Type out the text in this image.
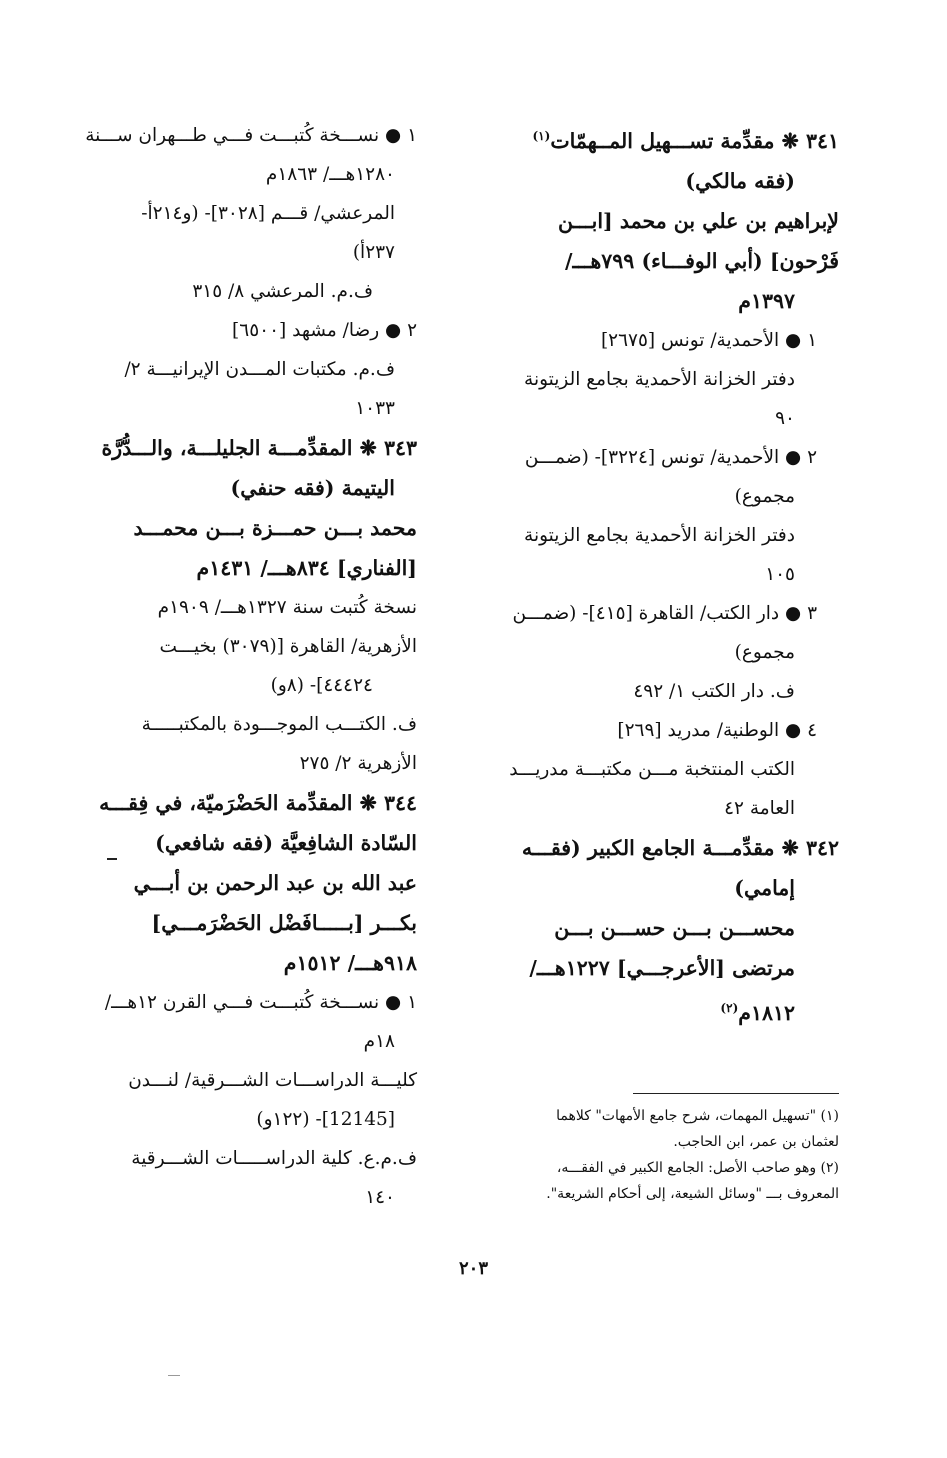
٣٤١ ❋ مقدِّمة تســـهيل المــهمّات$^{(١)}$
(فقه مالكي)
لإبراهيم بن علي بن محمد [ابـــن
فَرْحون] (أبي الوفـــاء) ٧٩٩هـــ/
١٣٩٧م
١ ● الأحمدية/ تونس [٢٦٧٥]
دفتر الخزانة الأحمدية بجامع الزيتونة
٩٠
٢ ● الأحمدية/ تونس [٣٢٢٤]- (ضمـــن
مجموع)
دفتر الخزانة الأحمدية بجامع الزيتونة
١٠٥
٣ ● دار الكتب/ القاهرة [٤١٥]- (ضمـــن
مجموع)
ف. دار الكتب ١/ ٤٩٢
٤ ● الوطنية/ مدريد [٢٦٩]
الكتب المنتخبة مـــن مكتبـــة مدريـــد
العامة ٤٢
٣٤٢ ❋ مقدِّمـــة الجامع الكبير (فقـــه
إمامي)
محســـن بـــن حســـن بـــن
مرتضى [الأعرجـــي] ١٢٢٧هـــ/
١٨١٢م$^{(٢)}$
١ ● نســـخة كُتبـــت فـــي طـــهران ســـنة
١٢٨٠هـــ/ ١٨٦٣م
المرعشي/ قـــم [٣٠٢٨]- (و٢١٤أ-
٢٣٧أ)
ف.م. المرعشي ٨/ ٣١٥
٢ ● رضا/ مشهد [٦٥٠٠]
ف.م. مكتبات المـــدن الإيرانيـــة ٢/
١٠٣٣
٣٤٣ ❋ المقدِّمـــة الجليلـــة، والـــدُّرَّة
اليتيمة (فقه حنفي)
محمد بـــن حمـــزة بـــن محمـــد
[الفناري] ٨٣٤هـــ/ ١٤٣١م
نسخة كُتبت سنة ١٣٢٧هـــ/ ١٩٠٩م
الأزهرية/ القاهرة [(٣٠٧٩) بخيـــت
٤٤٤٢٤]- (٨و)
ف. الكتـــب الموجـــودة بالمكتبـــــة
الأزهرية ٢/ ٢٧٥
٣٤٤ ❋ المقدِّمة الحَضْرَميّة، في فِقـــه
السّادة الشافِعيَّة (فقه شافعي)
عبد الله بن عبد الرحمن بن أبـــي
بكـــر [بـــــافَضْل الحَضْرَمـــي]
٩١٨هـــ/ ١٥١٢م
١ ● نســـخة كُتبـــت فـــي القرن ١٢هـــ/
١٨م
كليـــة الدراســـات الشـــرقية/ لنـــدن
[12145]- (١٢٢و)
ف.م.ع. كلية الدراســـــات الشـــرقية
١٤٠
(١) "تسهيل المهمات، شرح جامع الأمهات" كلاهما
لعثمان بن عمر، ابن الحاجب.
(٢) وهو صاحب الأصل: الجامع الكبير في الفقـــه،
المعروف بـــ "وسائل الشيعة، إلى أحكام الشريعة".
٢٠٣
